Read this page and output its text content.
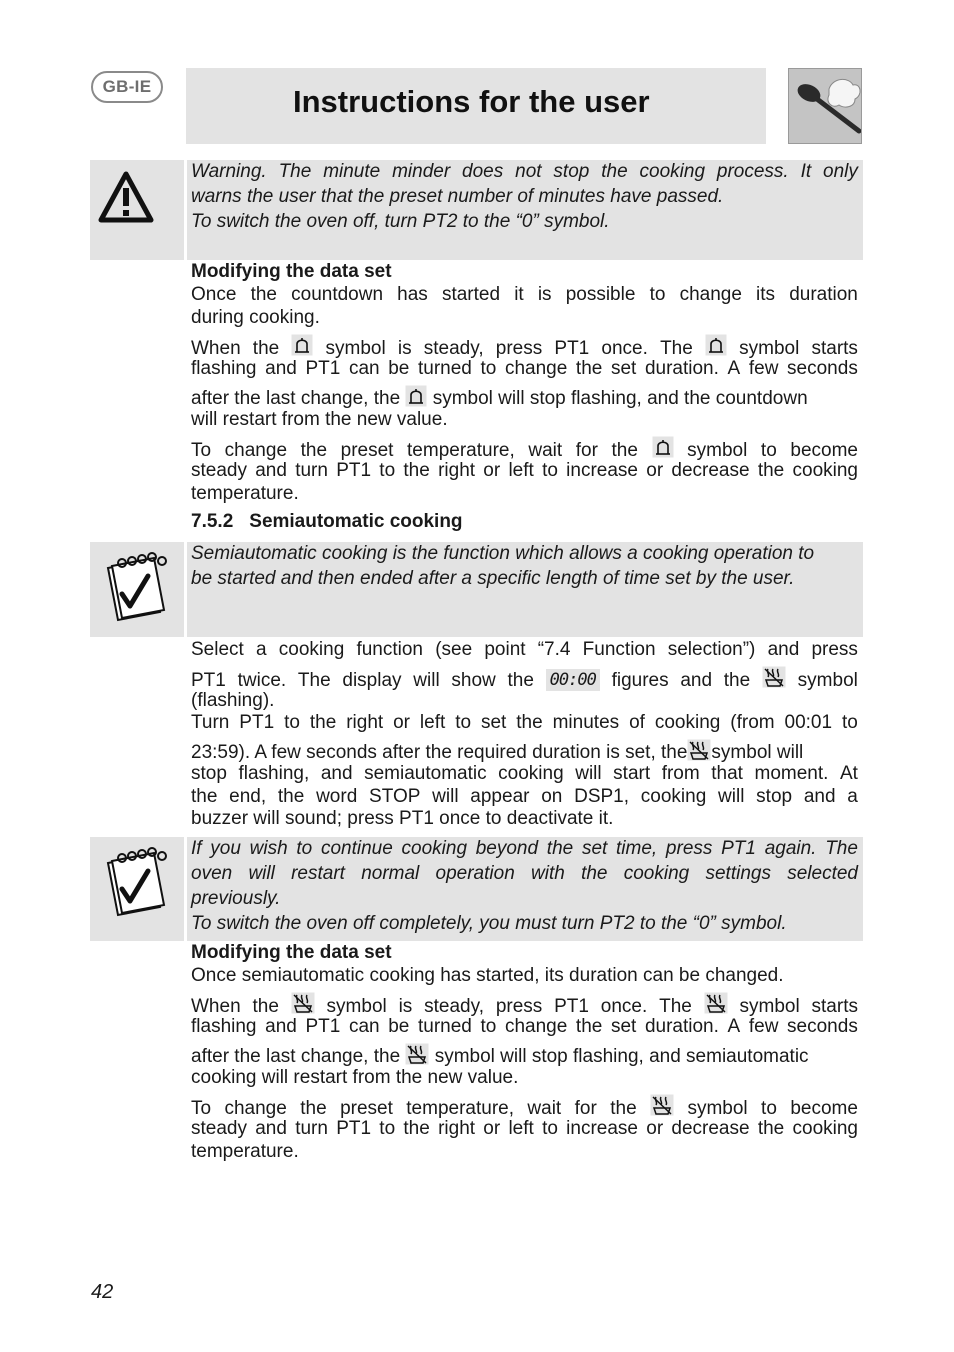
GB-IE	Instructions for the user
Warning. The minute minder does not stop the cooking process. It only
warns the user that the preset number of minutes have passed.
To switch the oven off, turn PT2 to the “0” symbol.
Modifying the data set
Once the countdown has started it is possible to change its duration
during cooking.
When the symbol is steady, press PT1 once. The symbol starts
flashing and PT1 can be turned to change the set duration. A few seconds
after the last change, the symbol will stop flashing, and the countdown
will restart from the new value.
To change the preset temperature, wait for the	symbol to become
steady and turn PT1 to the right or left to increase or decrease the cooking
temperature.
7.5.2 Semiautomatic cooking
Semiautomatic cooking is the function which allows a cooking operation to
be started and then ended after a specific length of time set by the user.
Select a cooking function (see point “7.4 Function selection”) and press
PT1 twice. The display will show the 00:00 figures and the symbol
(flashing).
Turn PT1 to the right or left to set the minutes of cooking (from 00:01 to
23:59). A few seconds after the required duration is set, the symbol will
stop flashing, and semiautomatic cooking will start from that moment. At
the end, the word STOP will appear on DSP1, cooking will stop and a
buzzer will sound; press PT1 once to deactivate it.
If you wish to continue cooking beyond the set time, press PT1 again. The
oven will restart normal operation with the cooking settings selected
previously.
To switch the oven off completely, you must turn PT2 to the “0” symbol.
Modifying the data set
Once semiautomatic cooking has started, its duration can be changed.
When the	symbol is steady, press PT1 once. The	symbol starts
flashing and PT1 can be turned to change the set duration. A few seconds
after the last change, the symbol will stop flashing, and semiautomatic
cooking will restart from the new value.
To change the preset temperature, wait for the	symbol to become
steady and turn PT1 to the right or left to increase or decrease the cooking
temperature.
42
